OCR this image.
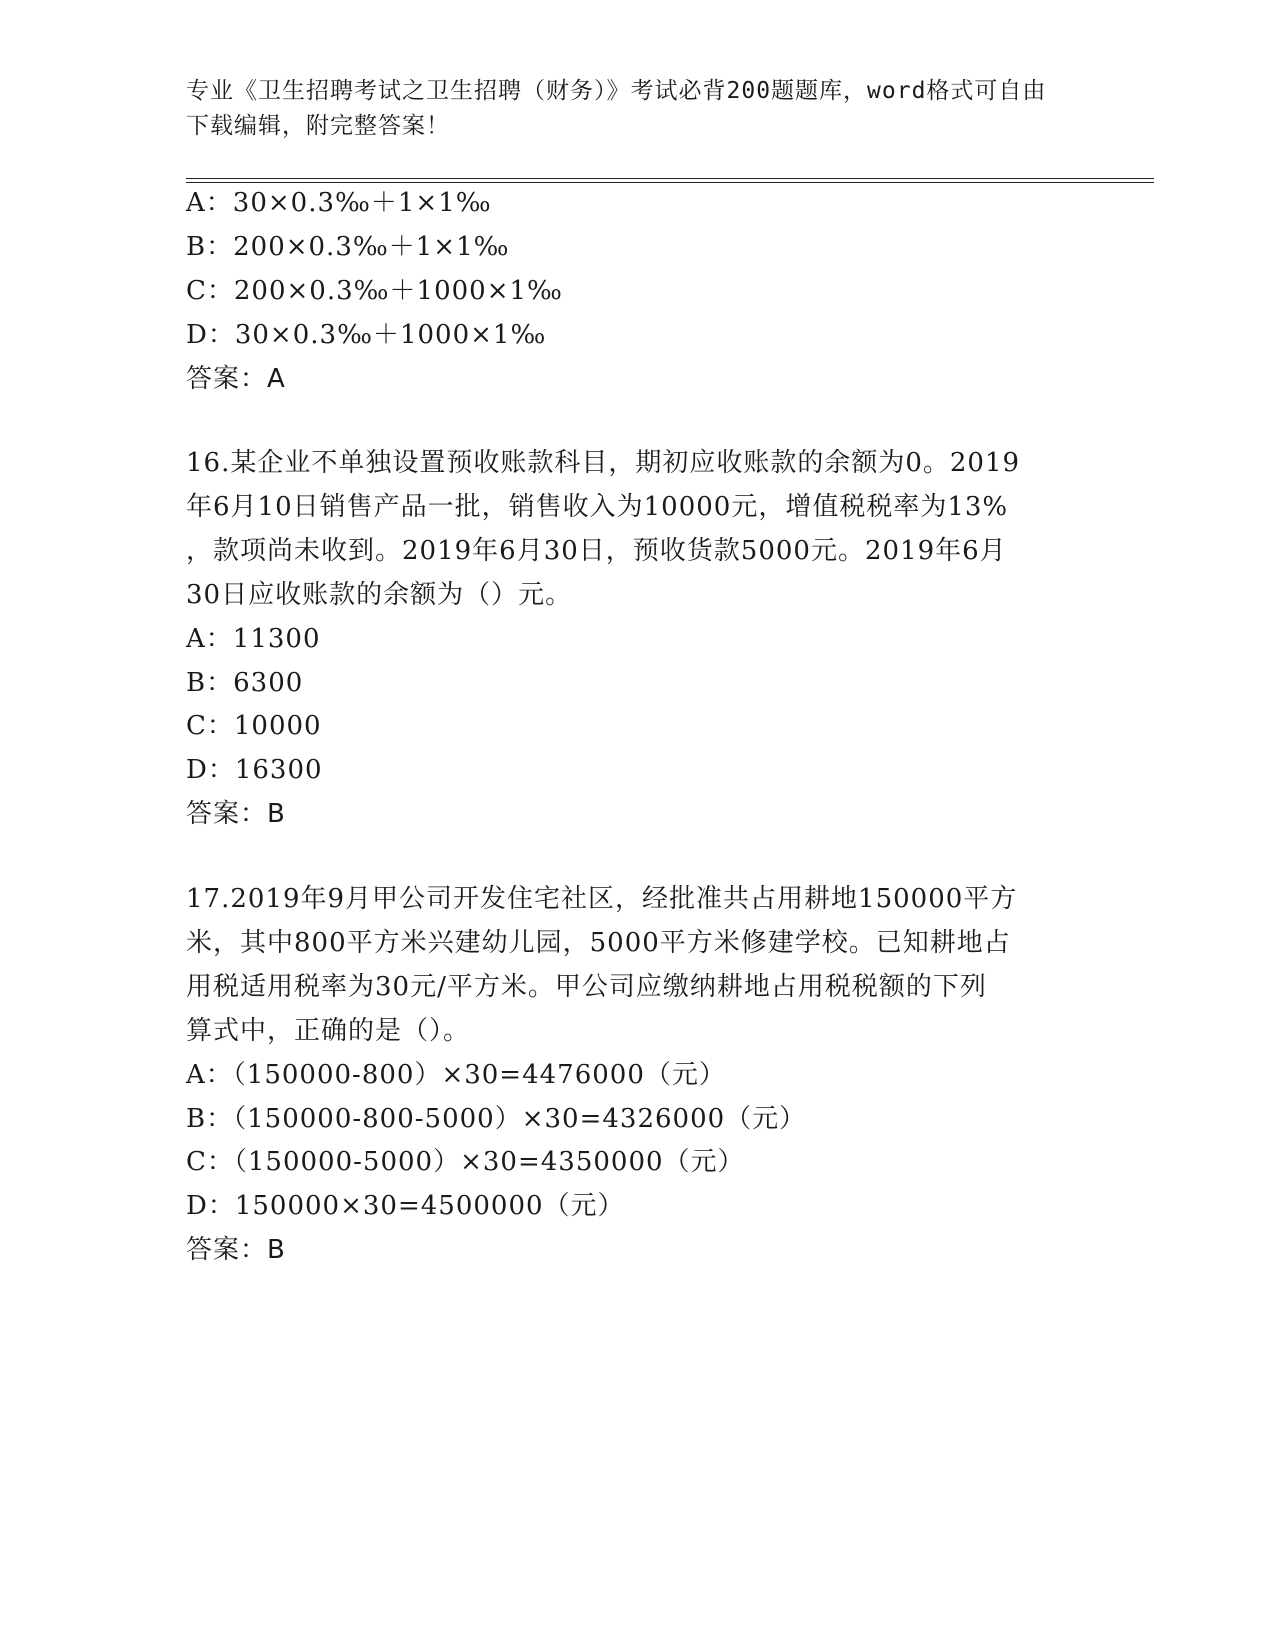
专业《卫生招聘考试之卫生招聘（财务）》考试必背200题题库，word格式可自由下载编辑，附完整答案！
A：30×0.3‰＋1×1‰
B：200×0.3‰＋1×1‰
C：200×0.3‰＋1000×1‰
D：30×0.3‰＋1000×1‰
答案：A
16.某企业不单独设置预收账款科目，期初应收账款的余额为0。2019
年6月10日销售产品一批，销售收入为10000元，增值税税率为13%
，款项尚未收到。2019年6月30日，预收货款5000元。2019年6月
30日应收账款的余额为（）元。
A：11300
B：6300
C：10000
D：16300
答案：B
17.2019年9月甲公司开发住宅社区，经批准共占用耕地150000平方
米，其中800平方米兴建幼儿园，5000平方米修建学校。已知耕地占
用税适用税率为30元/平方米。甲公司应缴纳耕地占用税税额的下列
算式中，正确的是（）。
A：（150000-800）×30=4476000（元）
B：（150000-800-5000）×30=4326000（元）
C：（150000-5000）×30=4350000（元）
D：150000×30=4500000（元）
答案：B
